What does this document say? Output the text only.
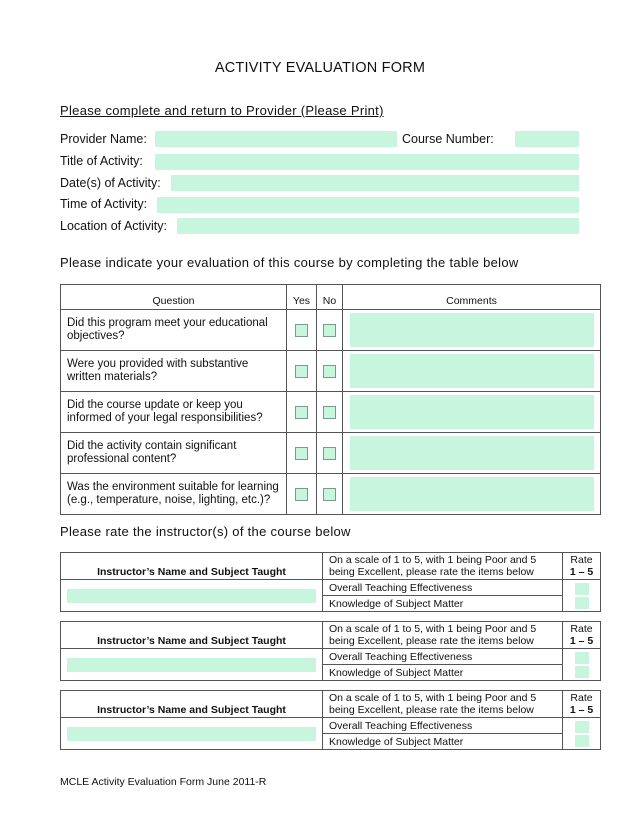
ACTIVITY EVALUATION FORM
Please complete and return to Provider (Please Print)
Provider Name:	Course Number:
Title of Activity:
Date(s) of Activity:
Time of Activity:
Location of Activity:
Please indicate your evaluation of this course by completing the table below
Question	Yes	No	Comments
Did this program meet your educational
objectives?	

Were you provided with substantive
written materials?	

Did the course update or keep you
informed of your legal responsibilities?	

Did the activity contain significant
professional content?	

Was the environment suitable for learning
(e.g., temperature, noise, lighting, etc.)?	

Please rate the instructor(s) of the course below
Instructor’s Name and Subject Taught	On a scale of 1 to 5, with 1 being Poor and 5
being Excellent, please rate the items below	Rate
1 – 5

	Overall Teaching Effectiveness	

	Knowledge of Subject Matter	
Instructor’s Name and Subject Taught	On a scale of 1 to 5, with 1 being Poor and 5
being Excellent, please rate the items below	Rate
1 – 5

	Overall Teaching Effectiveness	

	Knowledge of Subject Matter	
Instructor’s Name and Subject Taught	On a scale of 1 to 5, with 1 being Poor and 5
being Excellent, please rate the items below	Rate
1 – 5

	Overall Teaching Effectiveness	

	Knowledge of Subject Matter	
MCLE Activity Evaluation Form June 2011-R
